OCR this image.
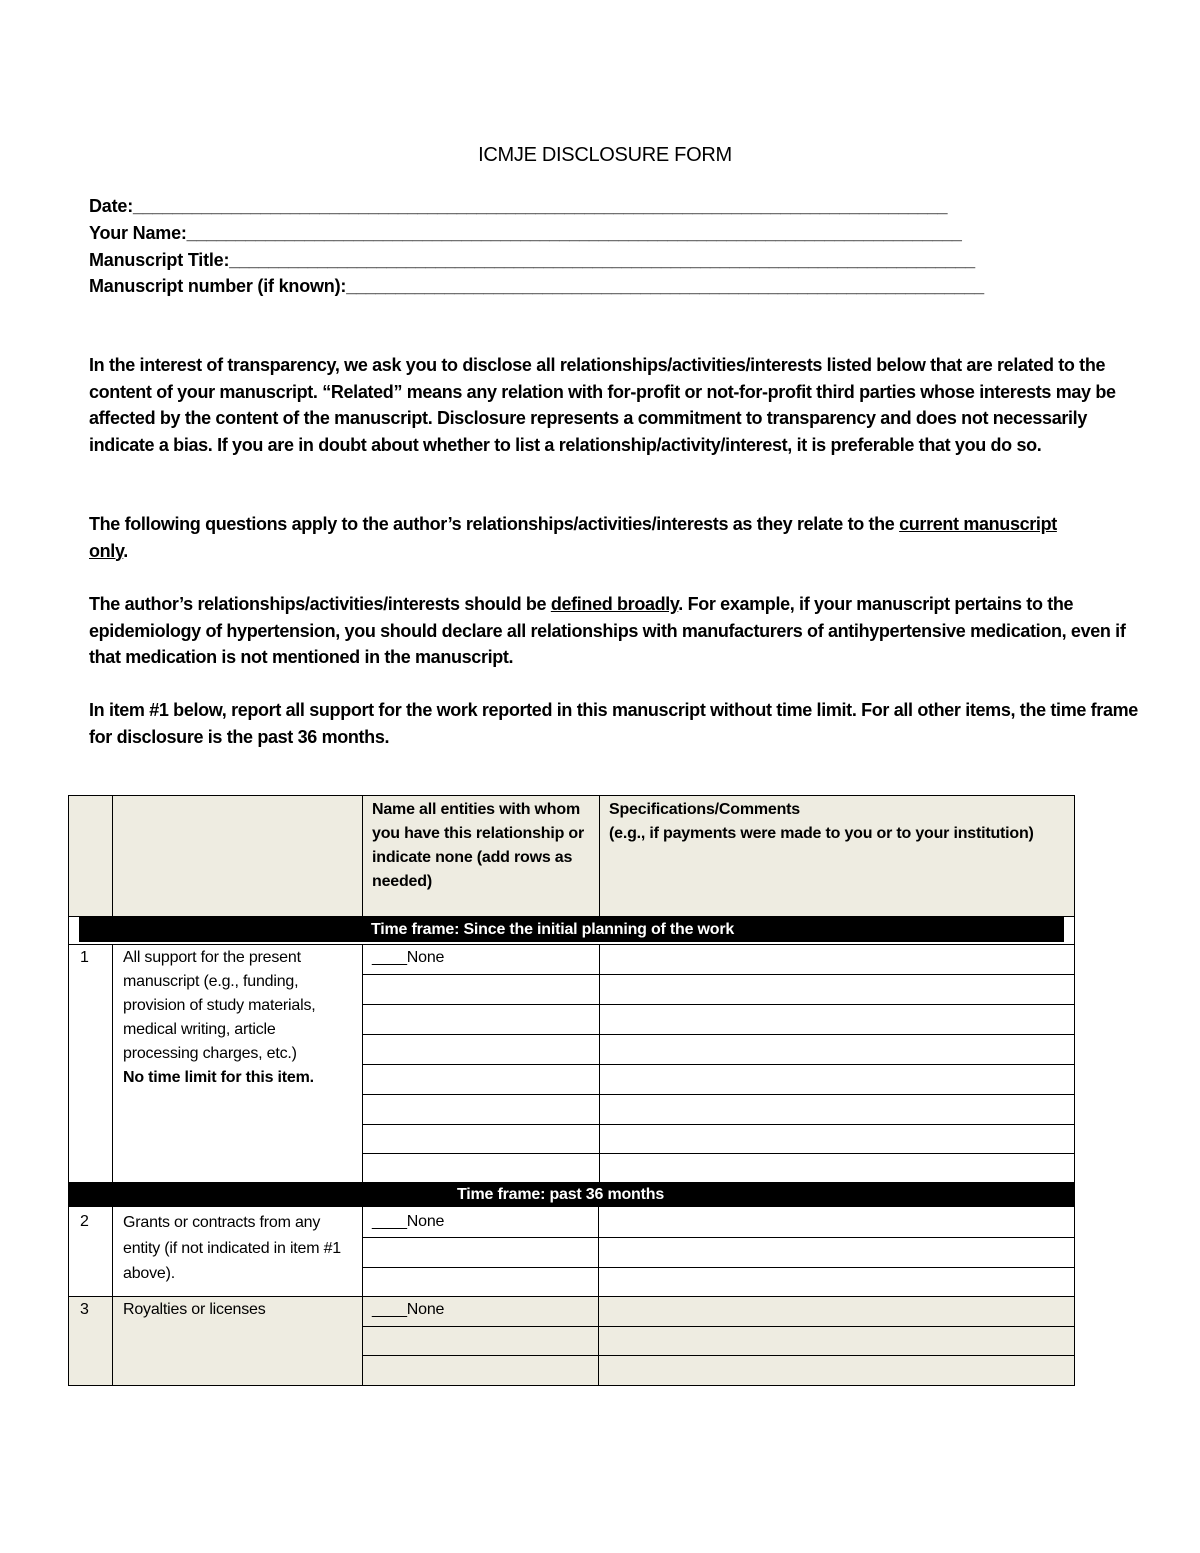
ICMJE DISCLOSURE FORM
Date:___________________________________________________________________________________
Your Name:_______________________________________________________________________________
Manuscript Title:____________________________________________________________________________
Manuscript number (if known):_________________________________________________________________
In the interest of transparency, we ask you to disclose all relationships/activities/interests listed below that are related to the content of your manuscript. “Related” means any relation with for-profit or not-for-profit third parties whose interests may be affected by the content of the manuscript. Disclosure represents a commitment to transparency and does not necessarily indicate a bias. If you are in doubt about whether to list a relationship/activity/interest, it is preferable that you do so.
The following questions apply to the author’s relationships/activities/interests as they relate to the current manuscript only.
The author’s relationships/activities/interests should be defined broadly. For example, if your manuscript pertains to the epidemiology of hypertension, you should declare all relationships with manufacturers of antihypertensive medication, even if that medication is not mentioned in the manuscript.
In item #1 below, report all support for the work reported in this manuscript without time limit. For all other items, the time frame for disclosure is the past 36 months.
Name all entities with whom you have this relationship or indicate none (add rows as needed)
Specifications/Comments
(e.g., if payments were made to you or to your institution)
Time frame: Since the initial planning of the work
Time frame: past 36 months
1 All support for the present manuscript (e.g., funding, provision of study materials, medical writing, article processing charges, etc.)
No time limit for this item.
____None
2 Grants or contracts from any entity (if not indicated in item #1 above).
____None
3 Royalties or licenses	____None
